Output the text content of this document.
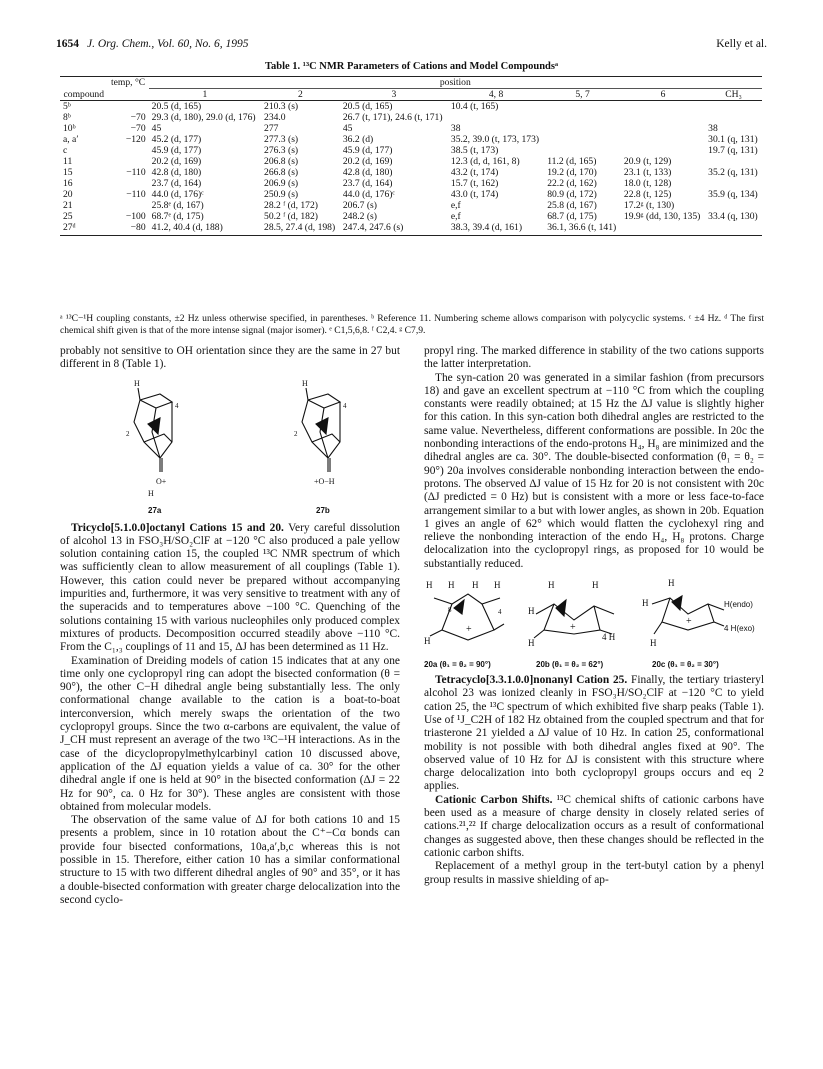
1654 J. Org. Chem., Vol. 60, No. 6, 1995	Kelly et al.
Table 1. ¹³C NMR Parameters of Cations and Model Compoundsᵃ
	temp, °C	position						
compound		1	2	3	4, 8	5, 7	6	CH₃
5ᵇ		20.5 (d, 165)	210.3 (s)	20.5 (d, 165)	10.4 (t, 165)			
8ᵇ	−70	29.3 (d, 180), 29.0 (d, 176)	234.0	26.7 (t, 171), 24.6 (t, 171)				
10ᵇ	−70	45	277	45	38			38
a, a′	−120	45.2 (d, 177)	277.3 (s)	36.2 (d)	35.2, 39.0 (t, 173, 173)			30.1 (q, 131)
c		45.9 (d, 177)	276.3 (s)	45.9 (d, 177)	38.5 (t, 173)			19.7 (q, 131)
11		20.2 (d, 169)	206.8 (s)	20.2 (d, 169)	12.3 (d, d, 161, 8)	11.2 (d, 165)	20.9 (t, 129)	
15	−110	42.8 (d, 180)	266.8 (s)	42.8 (d, 180)	43.2 (t, 174)	19.2 (d, 170)	23.1 (t, 133)	35.2 (q, 131)
16		23.7 (d, 164)	206.9 (s)	23.7 (d, 164)	15.7 (t, 162)	22.2 (d, 162)	18.0 (t, 128)	
20	−110	44.0 (d, 176)ᶜ	250.9 (s)	44.0 (d, 176)ᶜ	43.0 (t, 174)	80.9 (d, 172)	22.8 (t, 125)	35.9 (q, 134)
21		25.8ᵉ (d, 167)	28.2 ᶠ (d, 172)	206.7 (s)	e,f	25.8 (d, 167)	17.2ᵍ (t, 130)	
25	−100	68.7ᵉ (d, 175)	50.2 ᶠ (d, 182)	248.2 (s)	e,f	68.7 (d, 175)	19.9ᵍ (dd, 130, 135)	33.4 (q, 130)
27ᵈ	−80	41.2, 40.4 (d, 188)	28.5, 27.4 (d, 198)	247.4, 247.6 (s)	38.3, 39.4 (d, 161)	36.1, 36.6 (t, 141)		
ᵃ ¹³C−¹H coupling constants, ±2 Hz unless otherwise specified, in parentheses. ᵇ Reference 11. Numbering scheme allows comparison with polycyclic systems. ᶜ ±4 Hz. ᵈ The first chemical shift given is that of the more intense signal (major isomer). ᵉ C1,5,6,8. ᶠ C2,4. ᵍ C7,9.

probably not sensitive to OH orientation since they are the same in 27 but different in 8 (Table 1).

H
4
2
O+
H
H
4
2
+O−H
27a	27b

Tricyclo[5.1.0.0]octanyl Cations 15 and 20. Very careful dissolution of alcohol 13 in FSO₃H/SO₂ClF at −120 °C also produced a pale yellow solution containing cation 15, the coupled ¹³C NMR spectrum of which was sufficiently clean to allow measurement of all couplings (Table 1). However, this cation could never be prepared without accompanying impurities and, furthermore, it was very sensitive to treatment with any of the superacids and to temperatures above −100 °C. Quenching of the solutions containing 15 with various nucleophiles only produced complex mixtures of products. Decomposition occurred steadily above −110 °C. From the C₁,₃ couplings of 11 and 15, ΔJ has been determined as 11 Hz.

Examination of Dreiding models of cation 15 indicates that at any one time only one cyclopropyl ring can adopt the bisected conformation (θ = 90°), the other C−H dihedral angle being substantially less. The only conformational change available to the cation is a boat-to-boat interconversion, which merely swaps the orientation of the two cyclopropyl groups. Since the two α-carbons are equivalent, the value of J_CH must represent an average of the two ¹³C−¹H interactions. As in the case of the dicyclopropylmethylcarbinyl cation 10 discussed above, application of the ΔJ equation yields a value of ca. 30° for the other dihedral angle if one is held at 90° in the bisected conformation (ΔJ = 22 Hz for 90°, ca. 0 Hz for 30°). These angles are consistent with those obtained from molecular models.

The observation of the same value of ΔJ for both cations 10 and 15 presents a problem, since in 10 rotation about the C⁺−Cα bonds can provide four bisected conformations, 10a,a′,b,c whereas this is not possible in 15. Therefore, either cation 10 has a similar conformational structure to 15 with two different dihedral angles of 90° and 35°, or it has a double-bisected conformation with greater charge delocalization into the second cyclo-

propyl ring. The marked difference in stability of the two cations supports the latter interpretation.

The syn-cation 20 was generated in a similar fashion (from precursors 18) and gave an excellent spectrum at −110 °C from which the coupling constants were readily obtained; at 15 Hz the ΔJ value is slightly higher for this cation. In this syn-cation both dihedral angles are restricted to the same value. Nevertheless, different conformations are possible. In 20c the nonbonding interactions of the endo-protons H₄, H₈ are minimized and the dihedral angles are ca. 30°. The double-bisected conformation (θ₁ = θ₂ = 90°) 20a involves considerable nonbonding interaction between the endo-protons. The observed ΔJ value of 15 Hz for 20 is not consistent with 20c (ΔJ predicted = 0 Hz) but is consistent with a more or less face-to-face arrangement similar to a but with lower angles, as shown in 20b. Equation 1 gives an angle of 62° which would flatten the cyclohexyl ring and relieve the nonbonding interaction of the endo H₄, H₈ protons. Charge delocalization into the cyclopropyl rings, as proposed for 10 would be substantially reduced.

H H H H
H
8	4
+
H
H	H
H
4 H
+
H
H
H
+
H(endo)
4 H(exo)
20a (θ₁ = θ₂ = 90°)	20b (θ₁ = θ₂ = 62°)	20c (θ₁ = θ₂ = 30°)

Tetracyclo[3.3.1.0.0]nonanyl Cation 25. Finally, the tertiary triasteryl alcohol 23 was ionized cleanly in FSO₃H/SO₂ClF at −120 °C to yield cation 25, the ¹³C spectrum of which exhibited five sharp peaks (Table 1). Use of ¹J_C2H of 182 Hz obtained from the coupled spectrum and that for triasterone 21 yielded a ΔJ value of 10 Hz. In cation 25, conformational mobility is not possible with both dihedral angles fixed at 90°. The observed value of 10 Hz for ΔJ is consistent with this structure where charge delocalization into both cyclopropyl groups occurs and eq 2 applies.

Cationic Carbon Shifts. ¹³C chemical shifts of cationic carbons have been used as a measure of charge density in closely related series of cations.²¹,²² If charge delocalization occurs as a result of conformational changes as suggested above, then these changes should be reflected in the cationic carbon shifts.

Replacement of a methyl group in the tert-butyl cation by a phenyl group results in massive shielding of ap-
